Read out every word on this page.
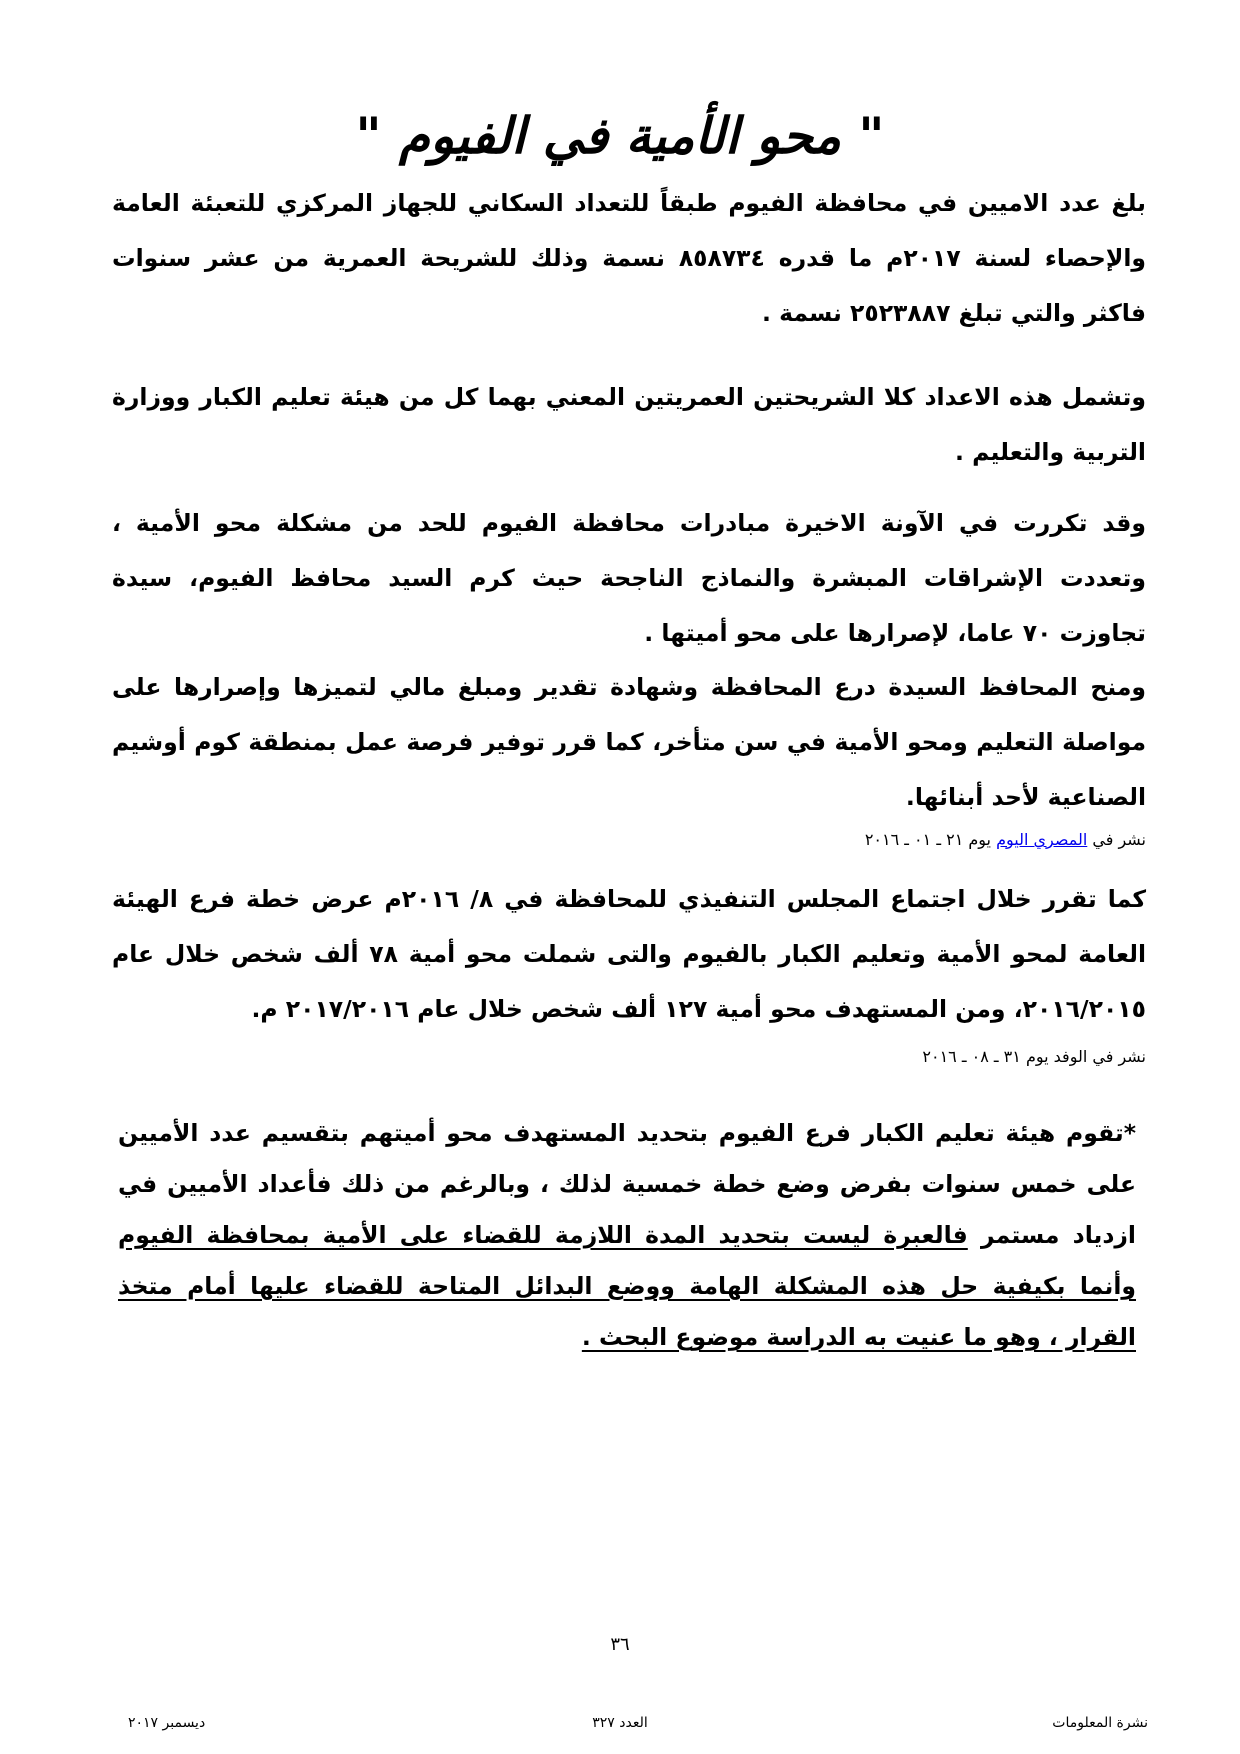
" محو الأمية في الفيوم "

بلغ عدد الاميين في محافظة الفيوم طبقاً للتعداد السكاني للجهاز المركزي للتعبئة العامة والإحصاء لسنة ٢٠١٧م ما قدره ٨٥٨٧٣٤ نسمة وذلك للشريحة العمرية من عشر سنوات فاكثر والتي تبلغ ٢٥٢٣٨٨٧ نسمة .

وتشمل هذه الاعداد كلا الشريحتين العمريتين المعني بهما كل من هيئة تعليم الكبار ووزارة التربية والتعليم .

وقد تكررت في الآونة الاخيرة مبادرات محافظة الفيوم للحد من مشكلة محو الأمية ، وتعددت الإشراقات المبشرة والنماذج الناجحة حيث كرم السيد محافظ الفيوم، سيدة تجاوزت ٧٠ عاما، لإصرارها على محو أميتها .

ومنح المحافظ السيدة درع المحافظة وشهادة تقدير ومبلغ مالي لتميزها وإصرارها على مواصلة التعليم ومحو الأمية في سن متأخر، كما قرر توفير فرصة عمل بمنطقة كوم أوشيم الصناعية لأحد أبنائها.

نشر في المصري اليوم يوم ٢١ ـ ٠١ ـ ٢٠١٦

كما تقرر خلال اجتماع المجلس التنفيذي للمحافظة في ٨/ ٢٠١٦م عرض خطة فرع الهيئة العامة لمحو الأمية وتعليم الكبار بالفيوم والتى شملت محو أمية ٧٨ ألف شخص خلال عام ٢٠١٦/٢٠١٥، ومن المستهدف محو أمية ١٢٧ ألف شخص خلال عام ٢٠١٧/٢٠١٦ م.

نشر في الوفد يوم ٣١ ـ ٠٨ ـ ٢٠١٦

*تقوم هيئة تعليم الكبار فرع الفيوم بتحديد المستهدف محو أميتهم بتقسيم عدد الأميين على خمس سنوات بفرض وضع خطة خمسية لذلك ، وبالرغم من ذلك فأعداد الأميين في ازدياد مستمر فالعبرة ليست بتحديد المدة اللازمة للقضاء على الأمية بمحافظة الفيوم وأنما بكيفية حل هذه المشكلة الهامة ووضع البدائل المتاحة للقضاء عليها أمام متخذ القرار ، وهو ما عنيت به الدراسة موضوع البحث .

٣٦
نشرة المعلومات
العدد ٣٢٧
ديسمبر ٢٠١٧
